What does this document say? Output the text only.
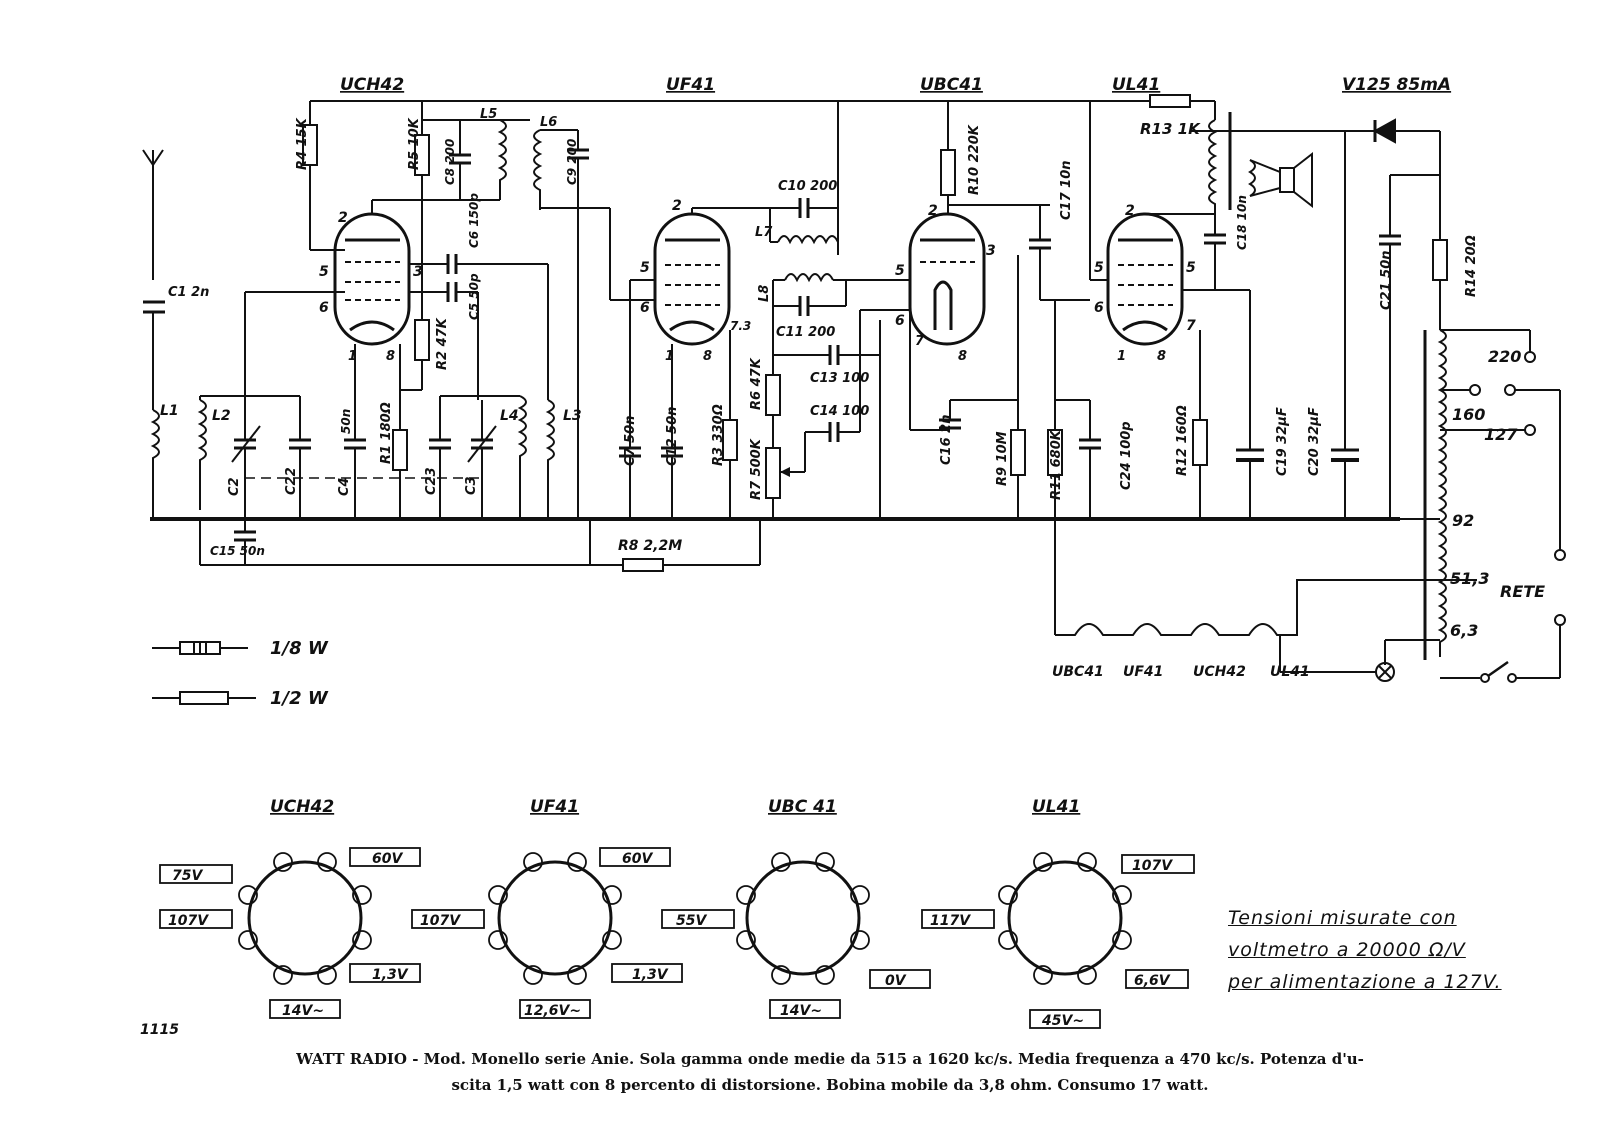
C1 2n
L1 L2
C2	C22
C15 50n	R8 2,2M
UCH42
2
5	3
6
1 8
R4 15K	R5 10K C8 200
L5
L6
C9 200
C6 150p
C5 50p
R2 47K
C4
50n R1 180Ω
C23 C3
L4	L3
UF41
2
5
6
7.3
1 8
C10 200
L7
L8
C11 200
C7 50n C12 50n R3 330Ω
R6 47K
R7 500K
C13 100
C14 100
UBC41
2
5
3
6
7
8
R10 220K	C17 10n
C16 2n	R9 10M	R11 680K	C24 100p
UL41
2
5	5
6
7
1 8
R13 1K
C18 10n
R12 160Ω	C19 32μF C20 32μF
V125 85mA
C21 50n	R14 20Ω
220
160
127
92
51,3
6,3
RETE
UBC41 UF41 UCH42 UL41
1/8 W
1/2 W
UCH42
75V
107V
60V
1,3V
14V~
UF41
107V
60V
1,3V
12,6V~
UBC 41
55V
0V
14V~
UL41
117V
107V
6,6V
45V~
Tensioni misurate con
voltmetro a 20000 Ω/V
per alimentazione a 127V.
1115
WATT RADIO - Mod. Monello serie Anie. Sola gamma onde medie da 515 a 1620 kc/s. Media frequenza a 470 kc/s. Potenza d'u-
scita 1,5 watt con 8 percento di distorsione. Bobina mobile da 3,8 ohm. Consumo 17 watt.
